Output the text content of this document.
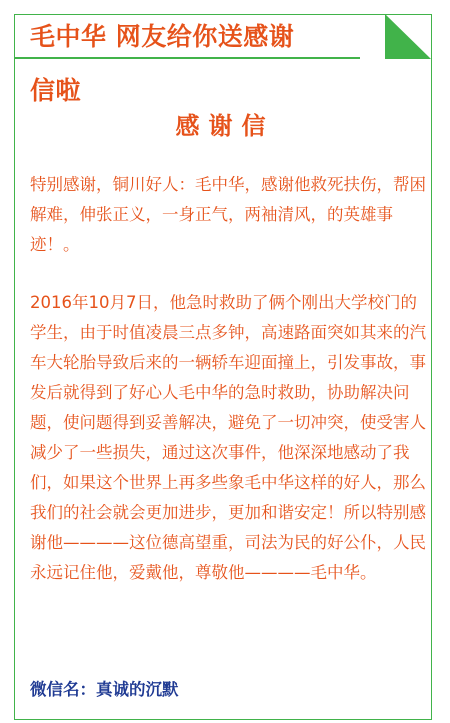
毛中华 网友给你送感谢
信啦
感谢信

特别感谢，铜川好人：毛中华，感谢他救死扶伤，帮困解难，伸张正义，一身正气，两袖清风，的英雄事迹！。

2016年10月7日，他急时救助了俩个刚出大学校门的学生，由于时值凌晨三点多钟，高速路面突如其来的汽车大轮胎导致后来的一辆轿车迎面撞上，引发事故，事发后就得到了好心人毛中华的急时救助，协助解决问题，使问题得到妥善解决，避免了一切冲突，使受害人减少了一些损失，通过这次事件，他深深地感动了我们，如果这个世界上再多些象毛中华这样的好人，那么我们的社会就会更加进步，更加和谐安定！所以特别感谢他————这位德高望重，司法为民的好公仆，人民永远记住他，爱戴他，尊敬他————毛中华。

微信名：真诚的沉默
